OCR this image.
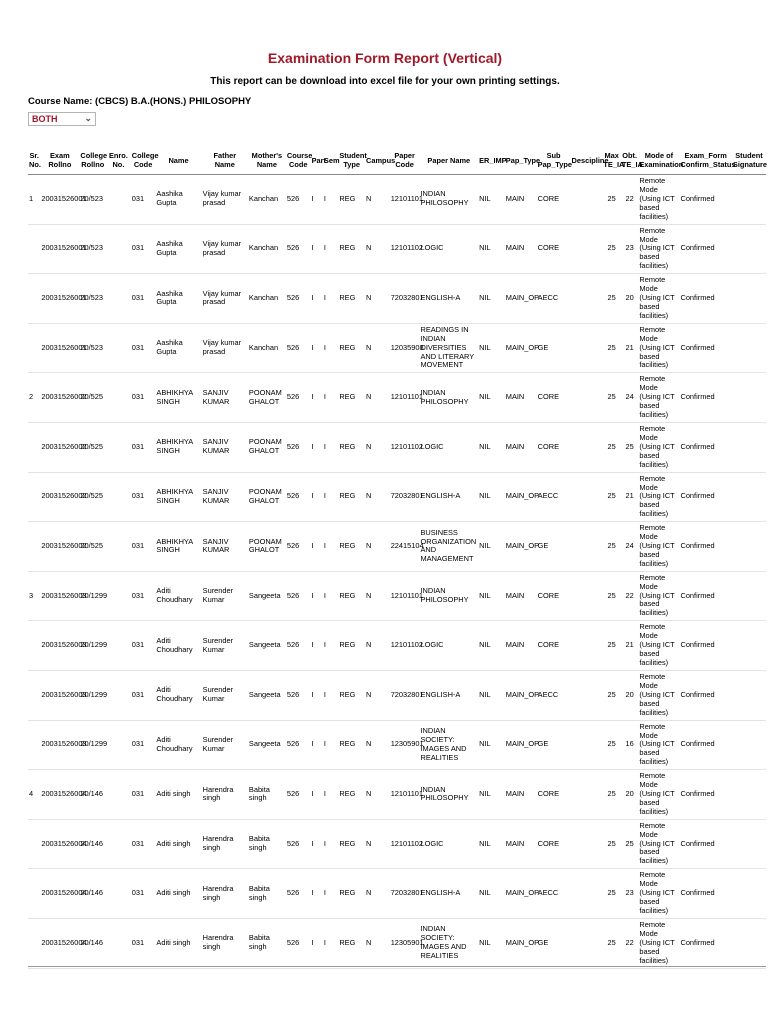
Examination Form Report (Vertical)

This report can be download into excel file for your own printing settings.

Course Name: (CBCS) B.A.(HONS.) PHILOSOPHY
BOTH	⌄
Sr. No.	Exam Rollno	College Rollno	Enro. No.	College Code	Name	Father Name	Mother's Name	Course Code	Part	Sem	Student Type	Campus	Paper Code	Paper Name	ER_IMP	Pap_Type	Sub Pap_Type	Descipline	Max TE_IA	Obt. TE_IA	Mode of Examination	Exam_Form Confirm_Status	Student Signature
1	20031526001	20/523		031	Aashika Gupta	Vijay kumar prasad	Kanchan	526	I	I	REG	N	12101101	INDIAN PHILOSOPHY	NIL	MAIN	CORE		25	22	Remote Mode (Using ICT based facilities)	Confirmed	
	20031526001	20/523		031	Aashika Gupta	Vijay kumar prasad	Kanchan	526	I	I	REG	N	12101102	LOGIC	NIL	MAIN	CORE		25	23	Remote Mode (Using ICT based facilities)	Confirmed	
	20031526001	20/523		031	Aashika Gupta	Vijay kumar prasad	Kanchan	526	I	I	REG	N	72032801	ENGLISH-A	NIL	MAIN_OP	AECC		25	20	Remote Mode (Using ICT based facilities)	Confirmed	
	20031526001	20/523		031	Aashika Gupta	Vijay kumar prasad	Kanchan	526	I	I	REG	N	12035908	READINGS IN INDIAN DIVERSITIES AND LITERARY MOVEMENT	NIL	MAIN_OP	GE		25	21	Remote Mode (Using ICT based facilities)	Confirmed	
2	20031526002	20/525		031	ABHIKHYA SINGH	SANJIV KUMAR	POONAM GHALOT	526	I	I	REG	N	12101101	INDIAN PHILOSOPHY	NIL	MAIN	CORE		25	24	Remote Mode (Using ICT based facilities)	Confirmed	
	20031526002	20/525		031	ABHIKHYA SINGH	SANJIV KUMAR	POONAM GHALOT	526	I	I	REG	N	12101102	LOGIC	NIL	MAIN	CORE		25	25	Remote Mode (Using ICT based facilities)	Confirmed	
	20031526002	20/525		031	ABHIKHYA SINGH	SANJIV KUMAR	POONAM GHALOT	526	I	I	REG	N	72032801	ENGLISH-A	NIL	MAIN_OP	AECC		25	21	Remote Mode (Using ICT based facilities)	Confirmed	
	20031526002	20/525		031	ABHIKHYA SINGH	SANJIV KUMAR	POONAM GHALOT	526	I	I	REG	N	22415104	BUSINESS ORGANIZATION AND MANAGEMENT	NIL	MAIN_OP	GE		25	24	Remote Mode (Using ICT based facilities)	Confirmed	
3	20031526003	20/1299		031	Aditi Choudhary	Surender Kumar	Sangeeta	526	I	I	REG	N	12101101	INDIAN PHILOSOPHY	NIL	MAIN	CORE		25	22	Remote Mode (Using ICT based facilities)	Confirmed	
	20031526003	20/1299		031	Aditi Choudhary	Surender Kumar	Sangeeta	526	I	I	REG	N	12101102	LOGIC	NIL	MAIN	CORE		25	21	Remote Mode (Using ICT based facilities)	Confirmed	
	20031526003	20/1299		031	Aditi Choudhary	Surender Kumar	Sangeeta	526	I	I	REG	N	72032801	ENGLISH-A	NIL	MAIN_OP	AECC		25	20	Remote Mode (Using ICT based facilities)	Confirmed	
	20031526003	20/1299		031	Aditi Choudhary	Surender Kumar	Sangeeta	526	I	I	REG	N	12305901	INDIAN SOCIETY: IMAGES AND REALITIES	NIL	MAIN_OP	GE		25	16	Remote Mode (Using ICT based facilities)	Confirmed	
4	20031526004	20/146		031	Aditi singh	Harendra singh	Babita singh	526	I	I	REG	N	12101101	INDIAN PHILOSOPHY	NIL	MAIN	CORE		25	20	Remote Mode (Using ICT based facilities)	Confirmed	
	20031526004	20/146		031	Aditi singh	Harendra singh	Babita singh	526	I	I	REG	N	12101102	LOGIC	NIL	MAIN	CORE		25	25	Remote Mode (Using ICT based facilities)	Confirmed	
	20031526004	20/146		031	Aditi singh	Harendra singh	Babita singh	526	I	I	REG	N	72032801	ENGLISH-A	NIL	MAIN_OP	AECC		25	23	Remote Mode (Using ICT based facilities)	Confirmed	
	20031526004	20/146		031	Aditi singh	Harendra singh	Babita singh	526	I	I	REG	N	12305901	INDIAN SOCIETY: IMAGES AND REALITIES	NIL	MAIN_OP	GE		25	22	Remote Mode (Using ICT based facilities)	Confirmed	
